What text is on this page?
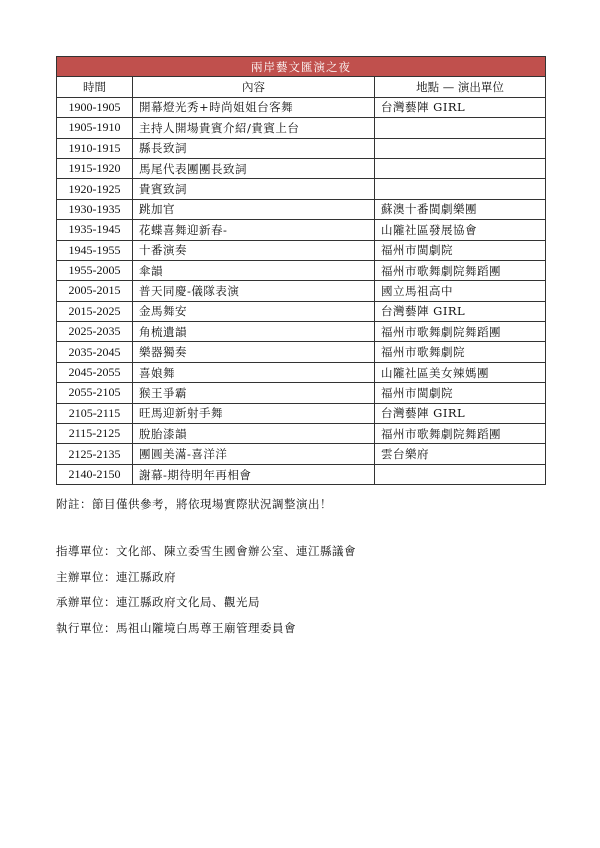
兩岸藝文匯演之夜		
時間	內容	地點 — 演出單位
1900-1905	開幕燈光秀+時尚姐姐台客舞	台灣藝陣 GIRL
1905-1910	主持人開場貴賓介紹/貴賓上台	
1910-1915	縣長致詞	
1915-1920	馬尾代表團團長致詞	
1920-1925	貴賓致詞	
1930-1935	跳加官	蘇澳十番閩劇樂團
1935-1945	花蝶喜舞迎新春-	山隴社區發展協會
1945-1955	十番演奏	福州市閩劇院
1955-2005	傘韻	福州市歌舞劇院舞蹈團
2005-2015	普天同慶-儀隊表演	國立馬祖高中
2015-2025	金馬舞安	台灣藝陣 GIRL
2025-2035	角梳遺韻	福州市歌舞劇院舞蹈團
2035-2045	樂器獨奏	福州市歌舞劇院
2045-2055	喜娘舞	山隴社區美女辣媽團
2055-2105	猴王爭霸	福州市閩劇院
2105-2115	旺馬迎新射手舞	台灣藝陣 GIRL
2115-2125	脫胎漆韻	福州市歌舞劇院舞蹈團
2125-2135	團圓美滿-喜洋洋	雲台樂府
2140-2150	謝幕-期待明年再相會	
附註：節目僅供參考，將依現場實際狀況調整演出！
指導單位：文化部、陳立委雪生國會辦公室、連江縣議會
主辦單位：連江縣政府
承辦單位：連江縣政府文化局、觀光局
執行單位：馬祖山隴境白馬尊王廟管理委員會
